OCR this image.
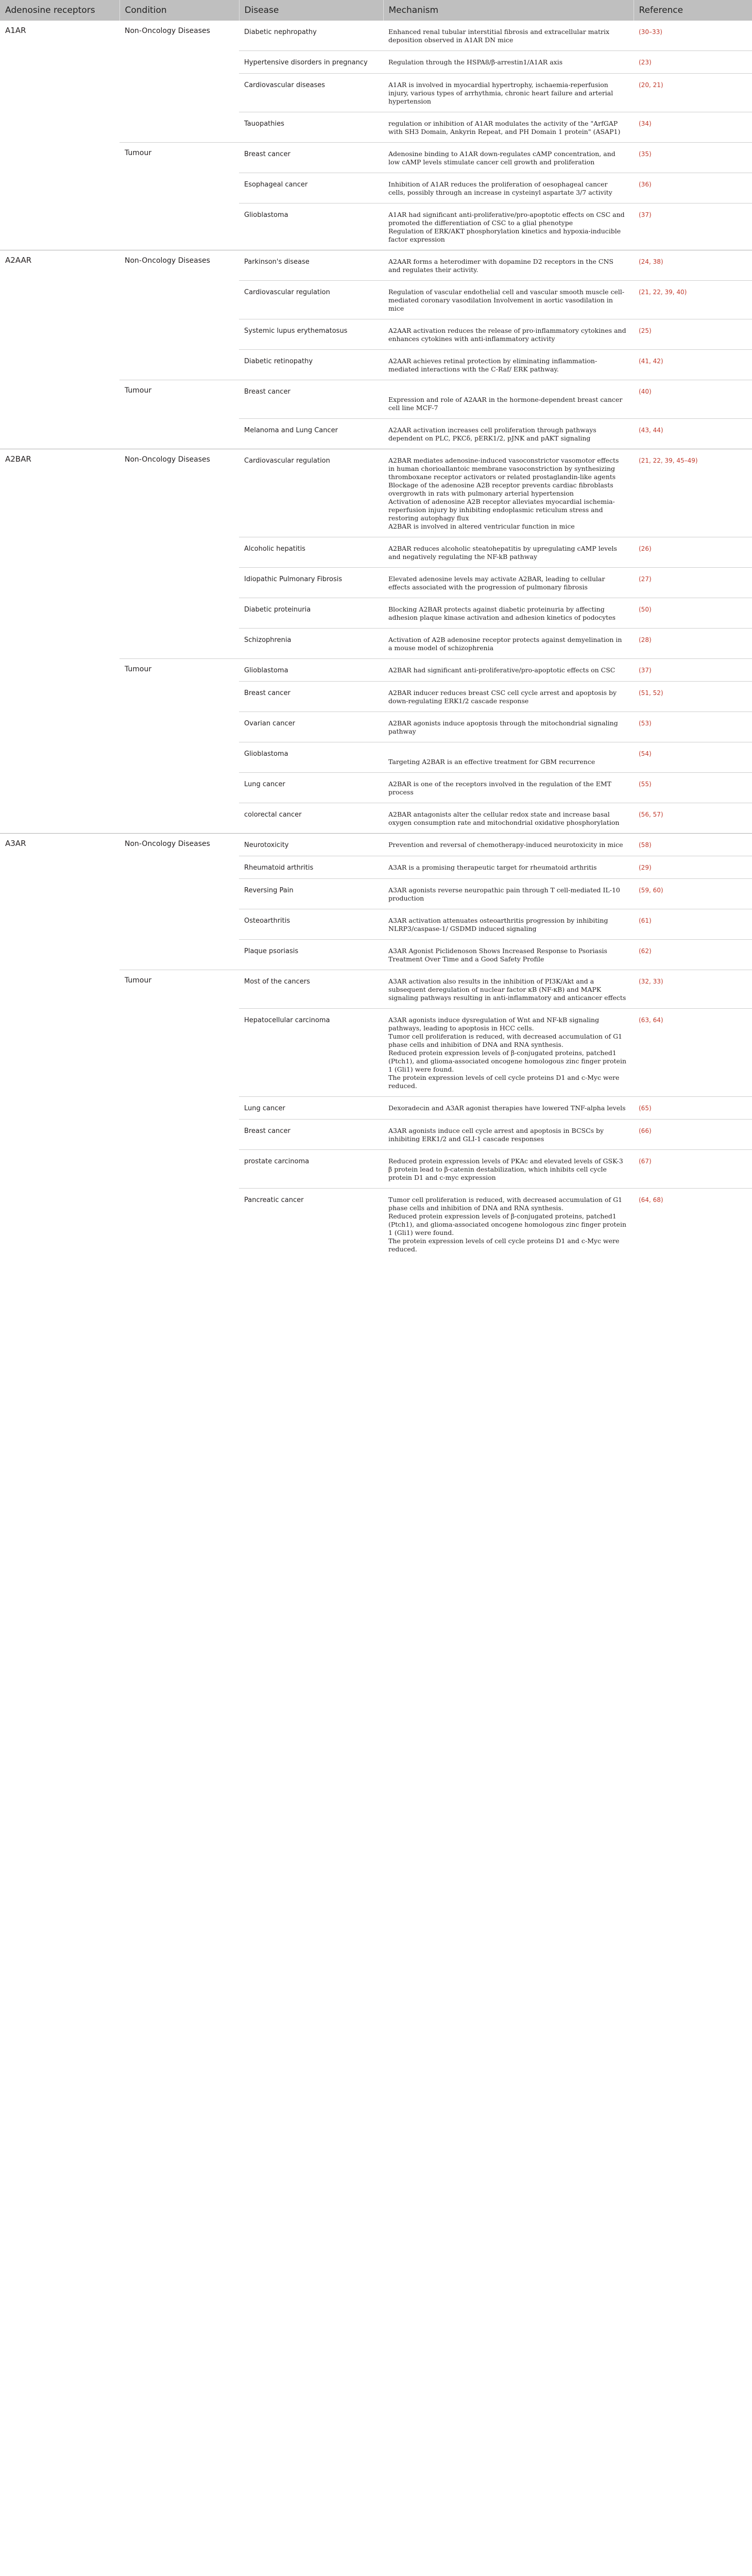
Adenosine receptors	Condition	Disease	Mechanism	Reference
A1AR	Non-Oncology Diseases	Diabetic nephropathy	Enhanced renal tubular interstitial fibrosis and extracellular matrix deposition observed in A1AR DN mice	(30–33)
		Hypertensive disorders in pregnancy	Regulation through the HSPA8/β-arrestin1/A1AR axis	(23)
		Cardiovascular diseases	A1AR is involved in myocardial hypertrophy, ischaemia-reperfusion injury, various types of arrhythmia, chronic heart failure and arterial hypertension	(20, 21)
		Tauopathies	regulation or inhibition of A1AR modulates the activity of the "ArfGAP with SH3 Domain, Ankyrin Repeat, and PH Domain 1 protein" (ASAP1)	(34)
	Tumour	Breast cancer	Adenosine binding to A1AR down-regulates cAMP concentration, and low cAMP levels stimulate cancer cell growth and proliferation	(35)
		Esophageal cancer	Inhibition of A1AR reduces the proliferation of oesophageal cancer cells, possibly through an increase in cysteinyl aspartate 3/7 activity	(36)
		Glioblastoma	A1AR had significant anti-proliferative/pro-apoptotic effects on CSC and promoted the differentiation of CSC to a glial phenotype
Regulation of ERK/AKT phosphorylation kinetics and hypoxia-inducible factor expression	(37)
A2AAR	Non-Oncology Diseases	Parkinson's disease	A2AAR forms a heterodimer with dopamine D2 receptors in the CNS and regulates their activity.	(24, 38)
		Cardiovascular regulation	Regulation of vascular endothelial cell and vascular smooth muscle cell-mediated coronary vasodilation Involvement in aortic vasodilation in mice	(21, 22, 39, 40)
		Systemic lupus erythematosus	A2AAR activation reduces the release of pro-inflammatory cytokines and enhances cytokines with anti-inflammatory activity	(25)
		Diabetic retinopathy	A2AAR achieves retinal protection by eliminating inflammation-mediated interactions with the C-Raf/ ERK pathway.	(41, 42)
	Tumour	Breast cancer	Expression and role of A2AAR in the hormone-dependent breast cancer cell line MCF-7	(40)
		Melanoma and Lung Cancer	A2AAR activation increases cell proliferation through pathways dependent on PLC, PKCδ, pERK1/2, pJNK and pAKT signaling	(43, 44)
A2BAR	Non-Oncology Diseases	Cardiovascular regulation	A2BAR mediates adenosine-induced vasoconstrictor vasomotor effects in human chorioallantoic membrane vasoconstriction by synthesizing thromboxane receptor activators or related prostaglandin-like agents
Blockage of the adenosine A2B receptor prevents cardiac fibroblasts overgrowth in rats with pulmonary arterial hypertension
Activation of adenosine A2B receptor alleviates myocardial ischemia-reperfusion injury by inhibiting endoplasmic reticulum stress and restoring autophagy flux
A2BAR is involved in altered ventricular function in mice	(21, 22, 39, 45–49)
		Alcoholic hepatitis	A2BAR reduces alcoholic steatohepatitis by upregulating cAMP levels and negatively regulating the NF-kB pathway	(26)
		Idiopathic Pulmonary Fibrosis	Elevated adenosine levels may activate A2BAR, leading to cellular effects associated with the progression of pulmonary fibrosis	(27)
		Diabetic proteinuria	Blocking A2BAR protects against diabetic proteinuria by affecting adhesion plaque kinase activation and adhesion kinetics of podocytes	(50)
		Schizophrenia	Activation of A2B adenosine receptor protects against demyelination in a mouse model of schizophrenia	(28)
	Tumour	Glioblastoma	A2BAR had significant anti-proliferative/pro-apoptotic effects on CSC	(37)
		Breast cancer	A2BAR inducer reduces breast CSC cell cycle arrest and apoptosis by down-regulating ERK1/2 cascade response	(51, 52)
		Ovarian cancer	A2BAR agonists induce apoptosis through the mitochondrial signaling pathway	(53)
		Glioblastoma	Targeting A2BAR is an effective treatment for GBM recurrence	(54)
		Lung cancer	A2BAR is one of the receptors involved in the regulation of the EMT process	(55)
		colorectal cancer	A2BAR antagonists alter the cellular redox state and increase basal oxygen consumption rate and mitochondrial oxidative phosphorylation	(56, 57)
A3AR	Non-Oncology Diseases	Neurotoxicity	Prevention and reversal of chemotherapy-induced neurotoxicity in mice	(58)
		Rheumatoid arthritis	A3AR is a promising therapeutic target for rheumatoid arthritis	(29)
		Reversing Pain	A3AR agonists reverse neuropathic pain through T cell-mediated IL-10 production	(59, 60)
		Osteoarthritis	A3AR activation attenuates osteoarthritis progression by inhibiting NLRP3/caspase-1/ GSDMD induced signaling	(61)
		Plaque psoriasis	A3AR Agonist Piclidenoson Shows Increased Response to Psoriasis Treatment Over Time and a Good Safety Profile	(62)
	Tumour	Most of the cancers	A3AR activation also results in the inhibition of PI3K/Akt and a subsequent deregulation of nuclear factor κB (NF-κB) and MAPK signaling pathways resulting in anti-inflammatory and anticancer effects	(32, 33)
		Hepatocellular carcinoma	A3AR agonists induce dysregulation of Wnt and NF-kB signaling pathways, leading to apoptosis in HCC cells.
Tumor cell proliferation is reduced, with decreased accumulation of G1 phase cells and inhibition of DNA and RNA synthesis.
Reduced protein expression levels of β-conjugated proteins, patched1 (Ptch1), and glioma-associated oncogene homologous zinc finger protein 1 (Gli1) were found.
The protein expression levels of cell cycle proteins D1 and c-Myc were reduced.	(63, 64)
		Lung cancer	Dexoradecin and A3AR agonist therapies have lowered TNF-alpha levels	(65)
		Breast cancer	A3AR agonists induce cell cycle arrest and apoptosis in BCSCs by inhibiting ERK1/2 and GLI-1 cascade responses	(66)
		prostate carcinoma	Reduced protein expression levels of PKAc and elevated levels of GSK-3 β protein lead to β-catenin destabilization, which inhibits cell cycle protein D1 and c-myc expression	(67)
		Pancreatic cancer	Tumor cell proliferation is reduced, with decreased accumulation of G1 phase cells and inhibition of DNA and RNA synthesis.
Reduced protein expression levels of β-conjugated proteins, patched1 (Ptch1), and glioma-associated oncogene homologous zinc finger protein 1 (Gli1) were found.
The protein expression levels of cell cycle proteins D1 and c-Myc were reduced.	(64, 68)
